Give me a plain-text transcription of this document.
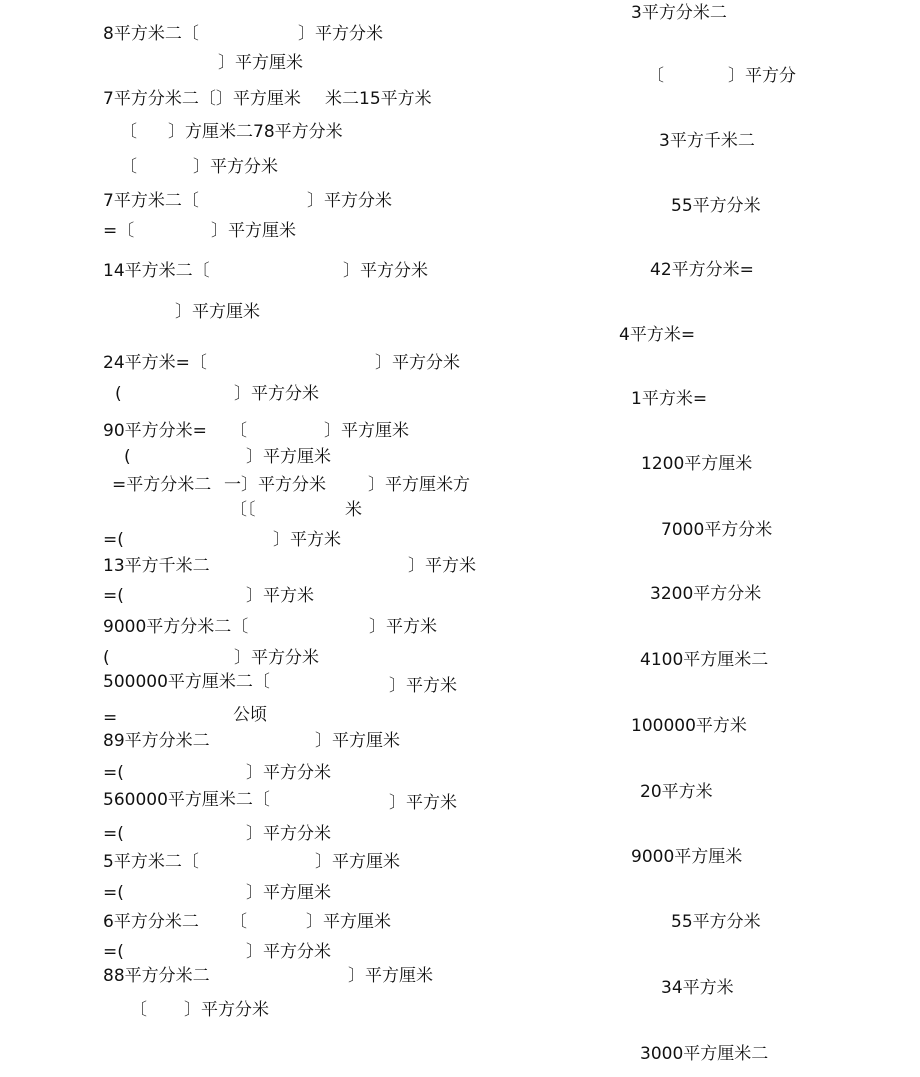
8平方米二〔	〕平方分米
〕平方厘米
7平方分米二〔〕平方厘米 米二15平方米
〔 〕方厘米二78平方分米
〔	〕平方分米
7平方米二〔	〕平方分米
=〔	〕平方厘米
14平方米二〔	〕平方分米
〕平方厘米
24平方米=〔	〕平方分米
(	〕平方分米
90平方分米= 〔	〕平方厘米
(	〕平方厘米
=平方分米二 一〕平方分米 〕平方厘米方
〔〔	米
=(	〕平方米
13平方千米二	〕平方米
=(	〕平方米
9000平方分米二〔	〕平方米
(	〕平方分米
500000平方厘米二〔	〕平方米
=	公顷
89平方分米二	〕平方厘米
=(	〕平方分米
560000平方厘米二〔	〕平方米
=(	〕平方分米
5平方米二〔	〕平方厘米
=(	〕平方厘米
6平方分米二 〔	〕平方厘米
=(	〕平方分米
88平方分米二	〕平方厘米
〔 〕平方分米
3平方分米二
〔	〕平方分
3平方千米二
55平方分米
42平方分米=
4平方米=
1平方米=
1200平方厘米
7000平方分米
3200平方分米
4100平方厘米二
100000平方米
20平方米
9000平方厘米
55平方分米
34平方米
3000平方厘米二
